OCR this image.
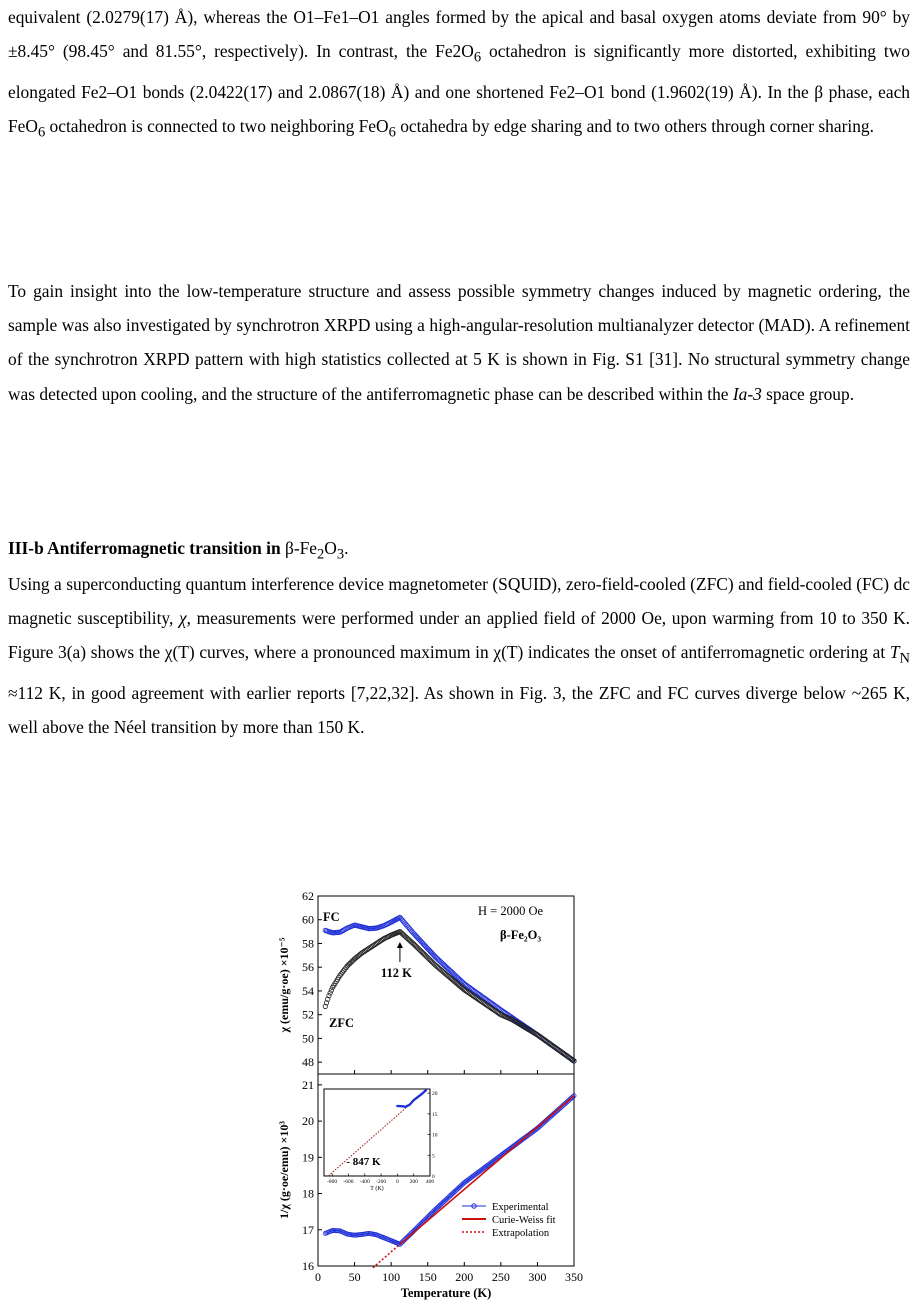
equivalent (2.0279(17) Å), whereas the O1–Fe1–O1 angles formed by the apical and basal oxygen atoms deviate from 90° by ±8.45° (98.45° and 81.55°, respectively). In contrast, the $Fe2O_6$ octahedron is significantly more distorted, exhibiting two elongated Fe2–O1 bonds (2.0422(17) and 2.0867(18) Å) and one shortened Fe2–O1 bond (1.9602(19) Å). In the β phase, each FeO$_6$ octahedron is connected to two neighboring FeO$_6$ octahedra by edge sharing and to two others through corner sharing.

To gain insight into the low-temperature structure and assess possible symmetry changes induced by magnetic ordering, the sample was also investigated by synchrotron XRPD using a high-angular-resolution multianalyzer detector (MAD). A refinement of the synchrotron XRPD pattern with high statistics collected at 5 K is shown in Fig. S1 [31]. No structural symmetry change was detected upon cooling, and the structure of the antiferromagnetic phase can be described within the Ia-3 space group.

III-b Antiferromagnetic transition in $\beta-Fe_2O_3$.

Using a superconducting quantum interference device magnetometer (SQUID), zero-field-cooled (ZFC) and field-cooled (FC) dc magnetic susceptibility, χ, measurements were performed under an applied field of 2000 Oe, upon warming from 10 to 350 K. Figure 3(a) shows the χ(T) curves, where a pronounced maximum in χ(T) indicates the onset of antiferromagnetic ordering at $T_N \approx 112$ K, in good agreement with earlier reports [7,22,32]. As shown in Fig. 3, the ZFC and FC curves diverge below ~265 K, well above the Néel transition by more than 150 K.

48
50
52
54
56
58
60
62
χ (emu/g·oe) ×10⁻⁵
16
17
18
19
20
21
0 50 100 150 200 250 300 350
Temperature (K)
1/χ (g·oe/emu) ×10³	Experimental
Curie-Weiss fit
Extrapolation
-800 -600 -400 -200 0 200 400
0
5
10
15
20
T (K)
- 847 K
H = 2000 Oe
β-Fe₂O₃
FC
ZFC
112 K
